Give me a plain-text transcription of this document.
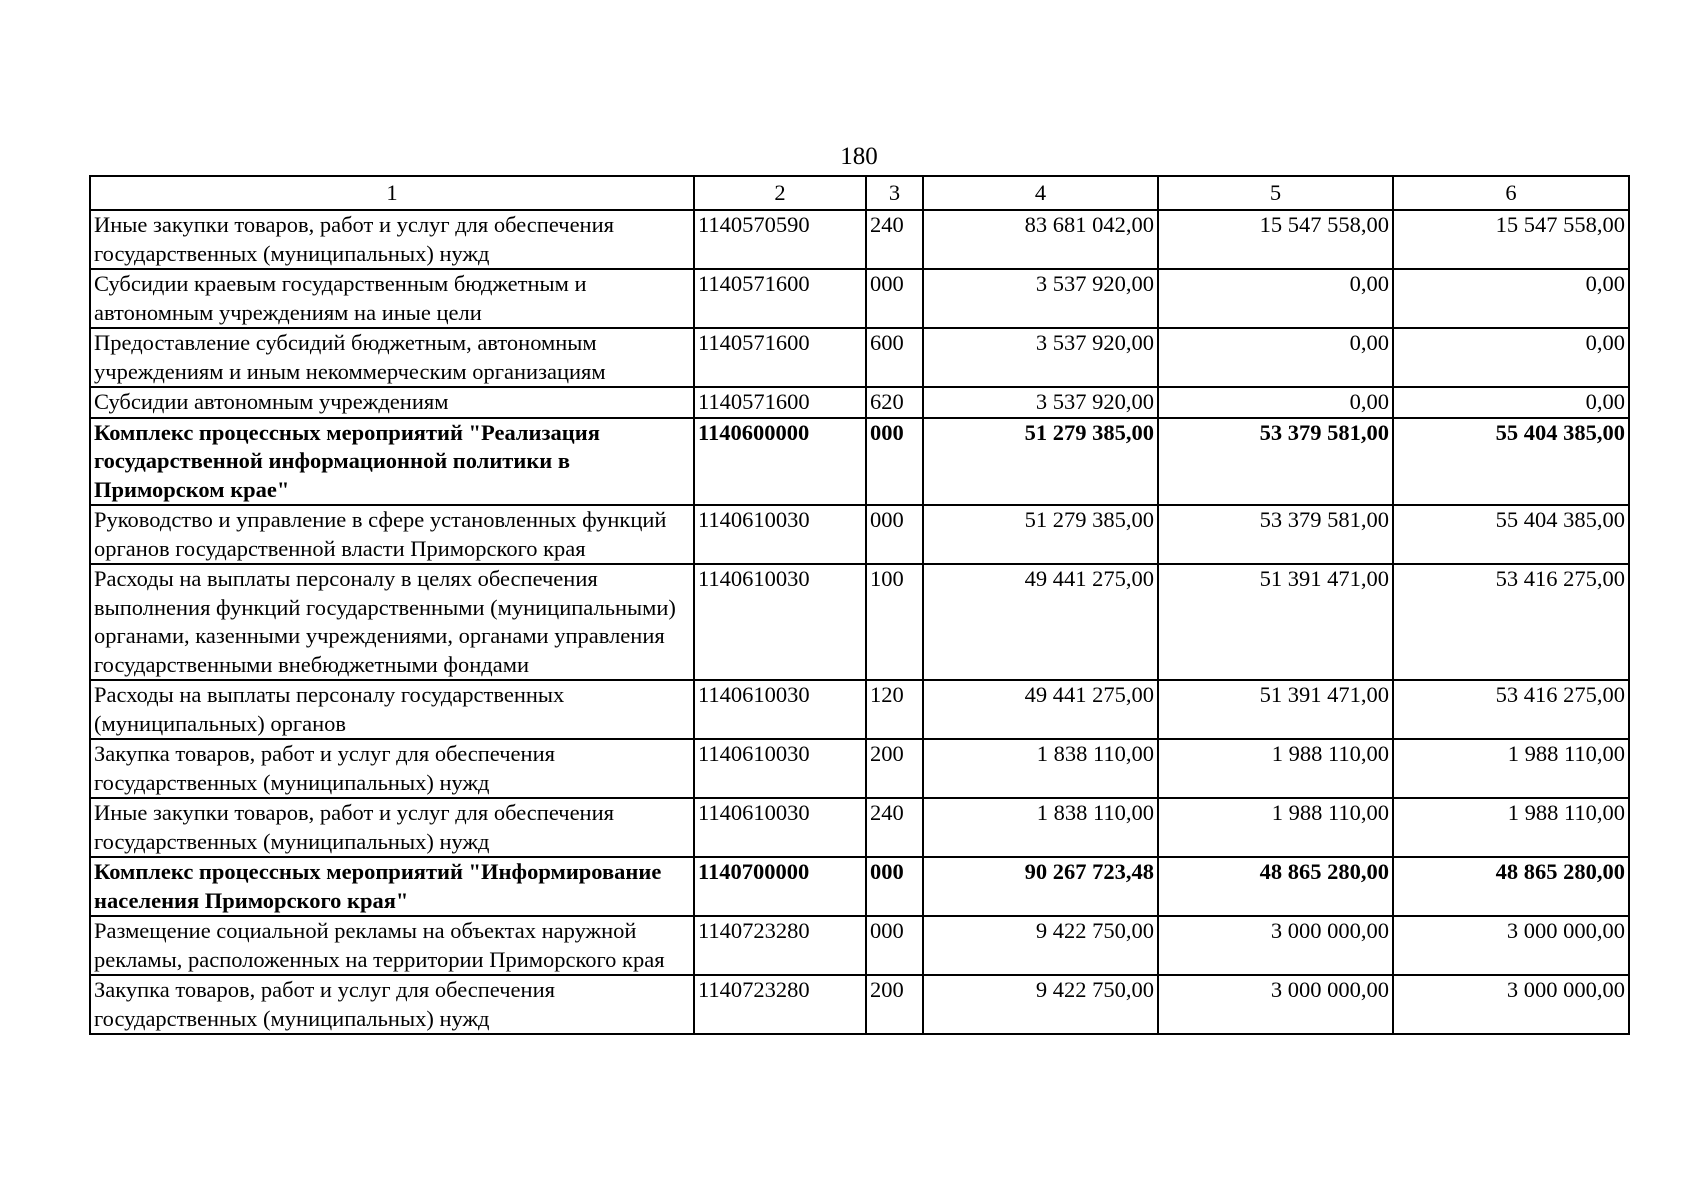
180
1	2	3	4	5	6
Иные закупки товаров, работ и услуг для обеспечения государственных (муниципальных) нужд	1140570590	240	83 681 042,00	15 547 558,00	15 547 558,00
Субсидии краевым государственным бюджетным и автономным учреждениям на иные цели	1140571600	000	3 537 920,00	0,00	0,00
Предоставление субсидий бюджетным, автономным учреждениям и иным некоммерческим организациям	1140571600	600	3 537 920,00	0,00	0,00
Субсидии автономным учреждениям	1140571600	620	3 537 920,00	0,00	0,00
Комплекс процессных мероприятий "Реализация государственной информационной политики в Приморском крае"	1140600000	000	51 279 385,00	53 379 581,00	55 404 385,00
Руководство и управление в сфере установленных функций органов государственной власти Приморского края	1140610030	000	51 279 385,00	53 379 581,00	55 404 385,00
Расходы на выплаты персоналу в целях обеспечения выполнения функций государственными (муниципальными) органами, казенными учреждениями, органами управления государственными внебюджетными фондами	1140610030	100	49 441 275,00	51 391 471,00	53 416 275,00
Расходы на выплаты персоналу государственных (муниципальных) органов	1140610030	120	49 441 275,00	51 391 471,00	53 416 275,00
Закупка товаров, работ и услуг для обеспечения государственных (муниципальных) нужд	1140610030	200	1 838 110,00	1 988 110,00	1 988 110,00
Иные закупки товаров, работ и услуг для обеспечения государственных (муниципальных) нужд	1140610030	240	1 838 110,00	1 988 110,00	1 988 110,00
Комплекс процессных мероприятий "Информирование населения Приморского края"	1140700000	000	90 267 723,48	48 865 280,00	48 865 280,00
Размещение социальной рекламы на объектах наружной рекламы, расположенных на территории Приморского края	1140723280	000	9 422 750,00	3 000 000,00	3 000 000,00
Закупка товаров, работ и услуг для обеспечения государственных (муниципальных) нужд	1140723280	200	9 422 750,00	3 000 000,00	3 000 000,00
